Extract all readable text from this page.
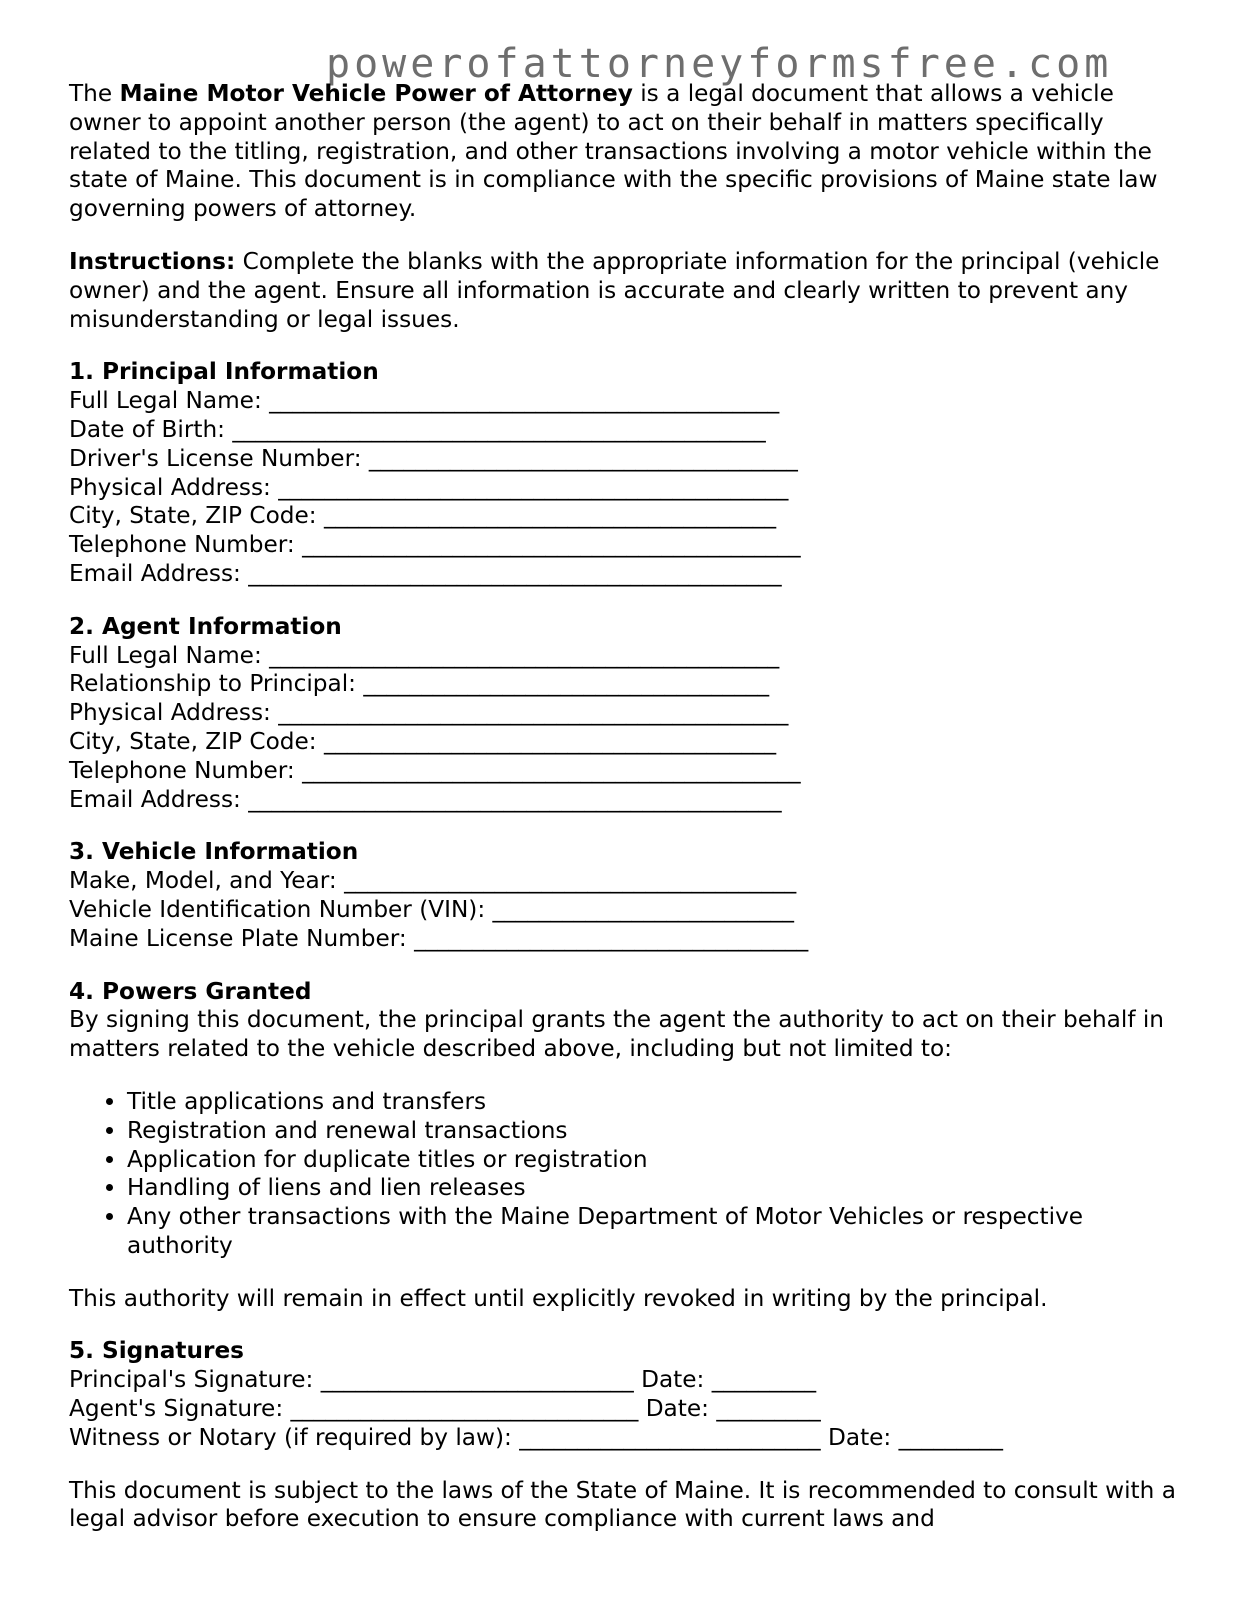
powerofattorneyformsfree.com

The Maine Motor Vehicle Power of Attorney is a legal document that allows a vehicle owner to appoint another person (the agent) to act on their behalf in matters specifically related to the titling, registration, and other transactions involving a motor vehicle within the state of Maine. This document is in compliance with the specific provisions of Maine state law governing powers of attorney.

Instructions: Complete the blanks with the appropriate information for the principal (vehicle owner) and the agent. Ensure all information is accurate and clearly written to prevent any misunderstanding or legal issues.

1. Principal Information
Full Legal Name: ____________________________________________
Date of Birth: ______________________________________________
Driver's License Number: _____________________________________
Physical Address: ____________________________________________
City, State, ZIP Code: _______________________________________
Telephone Number: ___________________________________________
Email Address: ______________________________________________
2. Agent Information
Full Legal Name: ____________________________________________
Relationship to Principal: ___________________________________
Physical Address: ____________________________________________
City, State, ZIP Code: _______________________________________
Telephone Number: ___________________________________________
Email Address: ______________________________________________
3. Vehicle Information
Make, Model, and Year: _______________________________________
Vehicle Identification Number (VIN): __________________________
Maine License Plate Number: __________________________________
4. Powers Granted

By signing this document, the principal grants the agent the authority to act on their behalf in matters related to the vehicle described above, including but not limited to:

• Title applications and transfers
• Registration and renewal transactions
• Application for duplicate titles or registration
• Handling of liens and lien releases
• Any other transactions with the Maine Department of Motor Vehicles or respective authority

This authority will remain in effect until explicitly revoked in writing by the principal.

5. Signatures
Principal's Signature: ___________________________ Date: _________
Agent's Signature: ______________________________ Date: _________
Witness or Notary (if required by law): __________________________ Date: _________

This document is subject to the laws of the State of Maine. It is recommended to consult with a legal advisor before execution to ensure compliance with current laws and
